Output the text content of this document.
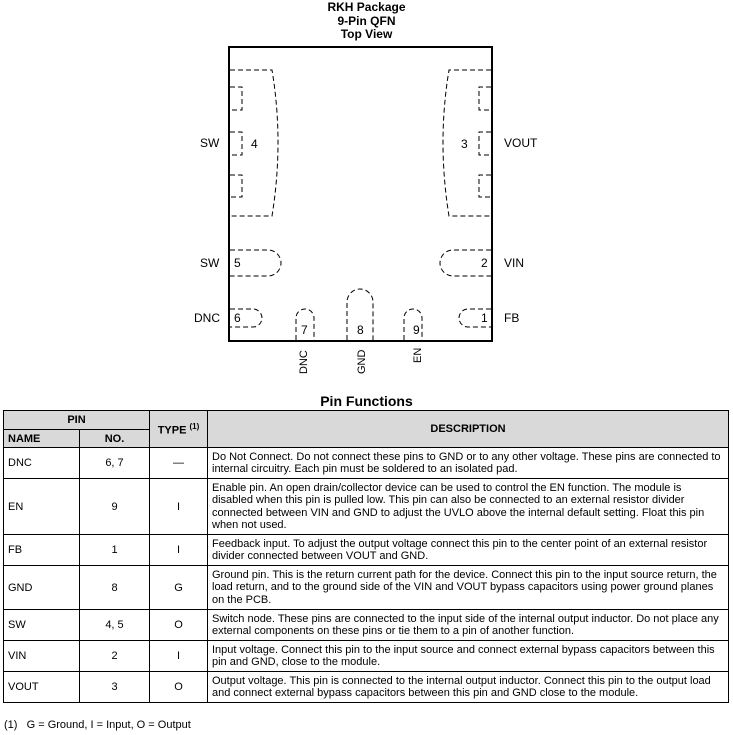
RKH Package
9-Pin QFN
Top View
SW	4
SW 5
DNC 6
3	VOUT
2 VIN
1 FB
7	8	9
DNC	GND	EN
Pin Functions
PIN		TYPE $^{(1)}$	DESCRIPTION
NAME	NO.		
DNC	6, 7	—	Do Not Connect. Do not connect these pins to GND or to any other voltage. These pins are connected to internal circuitry. Each pin must be soldered to an isolated pad.
EN	9	I	Enable pin. An open drain/collector device can be used to control the EN function. The module is disabled when this pin is pulled low. This pin can also be connected to an external resistor divider connected between VIN and GND to adjust the UVLO above the internal default setting. Float this pin when not used.
FB	1	I	Feedback input. To adjust the output voltage connect this pin to the center point of an external resistor divider connected between VOUT and GND.
GND	8	G	Ground pin. This is the return current path for the device. Connect this pin to the input source return, the load return, and to the ground side of the VIN and VOUT bypass capacitors using power ground planes on the PCB.
SW	4, 5	O	Switch node. These pins are connected to the input side of the internal output inductor. Do not place any external components on these pins or tie them to a pin of another function.
VIN	2	I	Input voltage. Connect this pin to the input source and connect external bypass capacitors between this pin and GND, close to the module.
VOUT	3	O	Output voltage. This pin is connected to the internal output inductor. Connect this pin to the output load and connect external bypass capacitors between this pin and GND close to the module.
(1)   G = Ground, I = Input, O = Output
